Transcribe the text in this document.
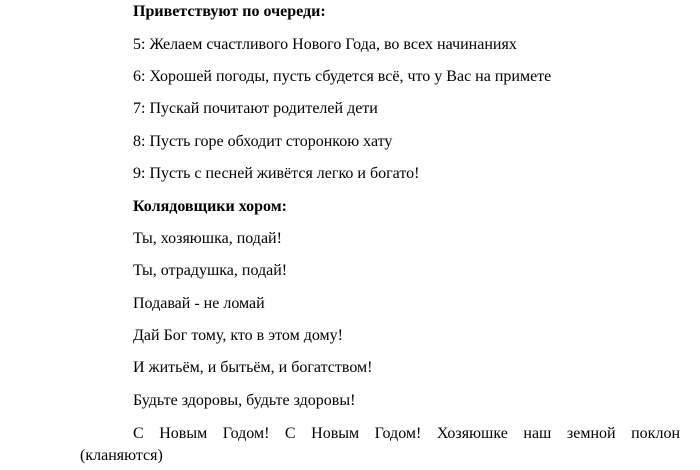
Приветствуют по очереди:
5: Желаем счастливого Нового Года, во всех начинаниях
6: Хорошей погоды, пусть сбудется всё, что у Вас на примете
7: Пускай почитают родителей дети
8: Пусть горе обходит сторонкою хату
9: Пусть с песней живётся легко и богато!
Колядовщики хором:
Ты, хозяюшка, подай!
Ты, отрадушка, подай!
Подавай - не ломай
Дай Бог тому, кто в этом дому!
И житьём, и бытьём, и богатством!
Будьте здоровы, будьте здоровы!
С Новым Годом! С Новым Годом! Хозяюшке наш земной поклон
(кланяются)
